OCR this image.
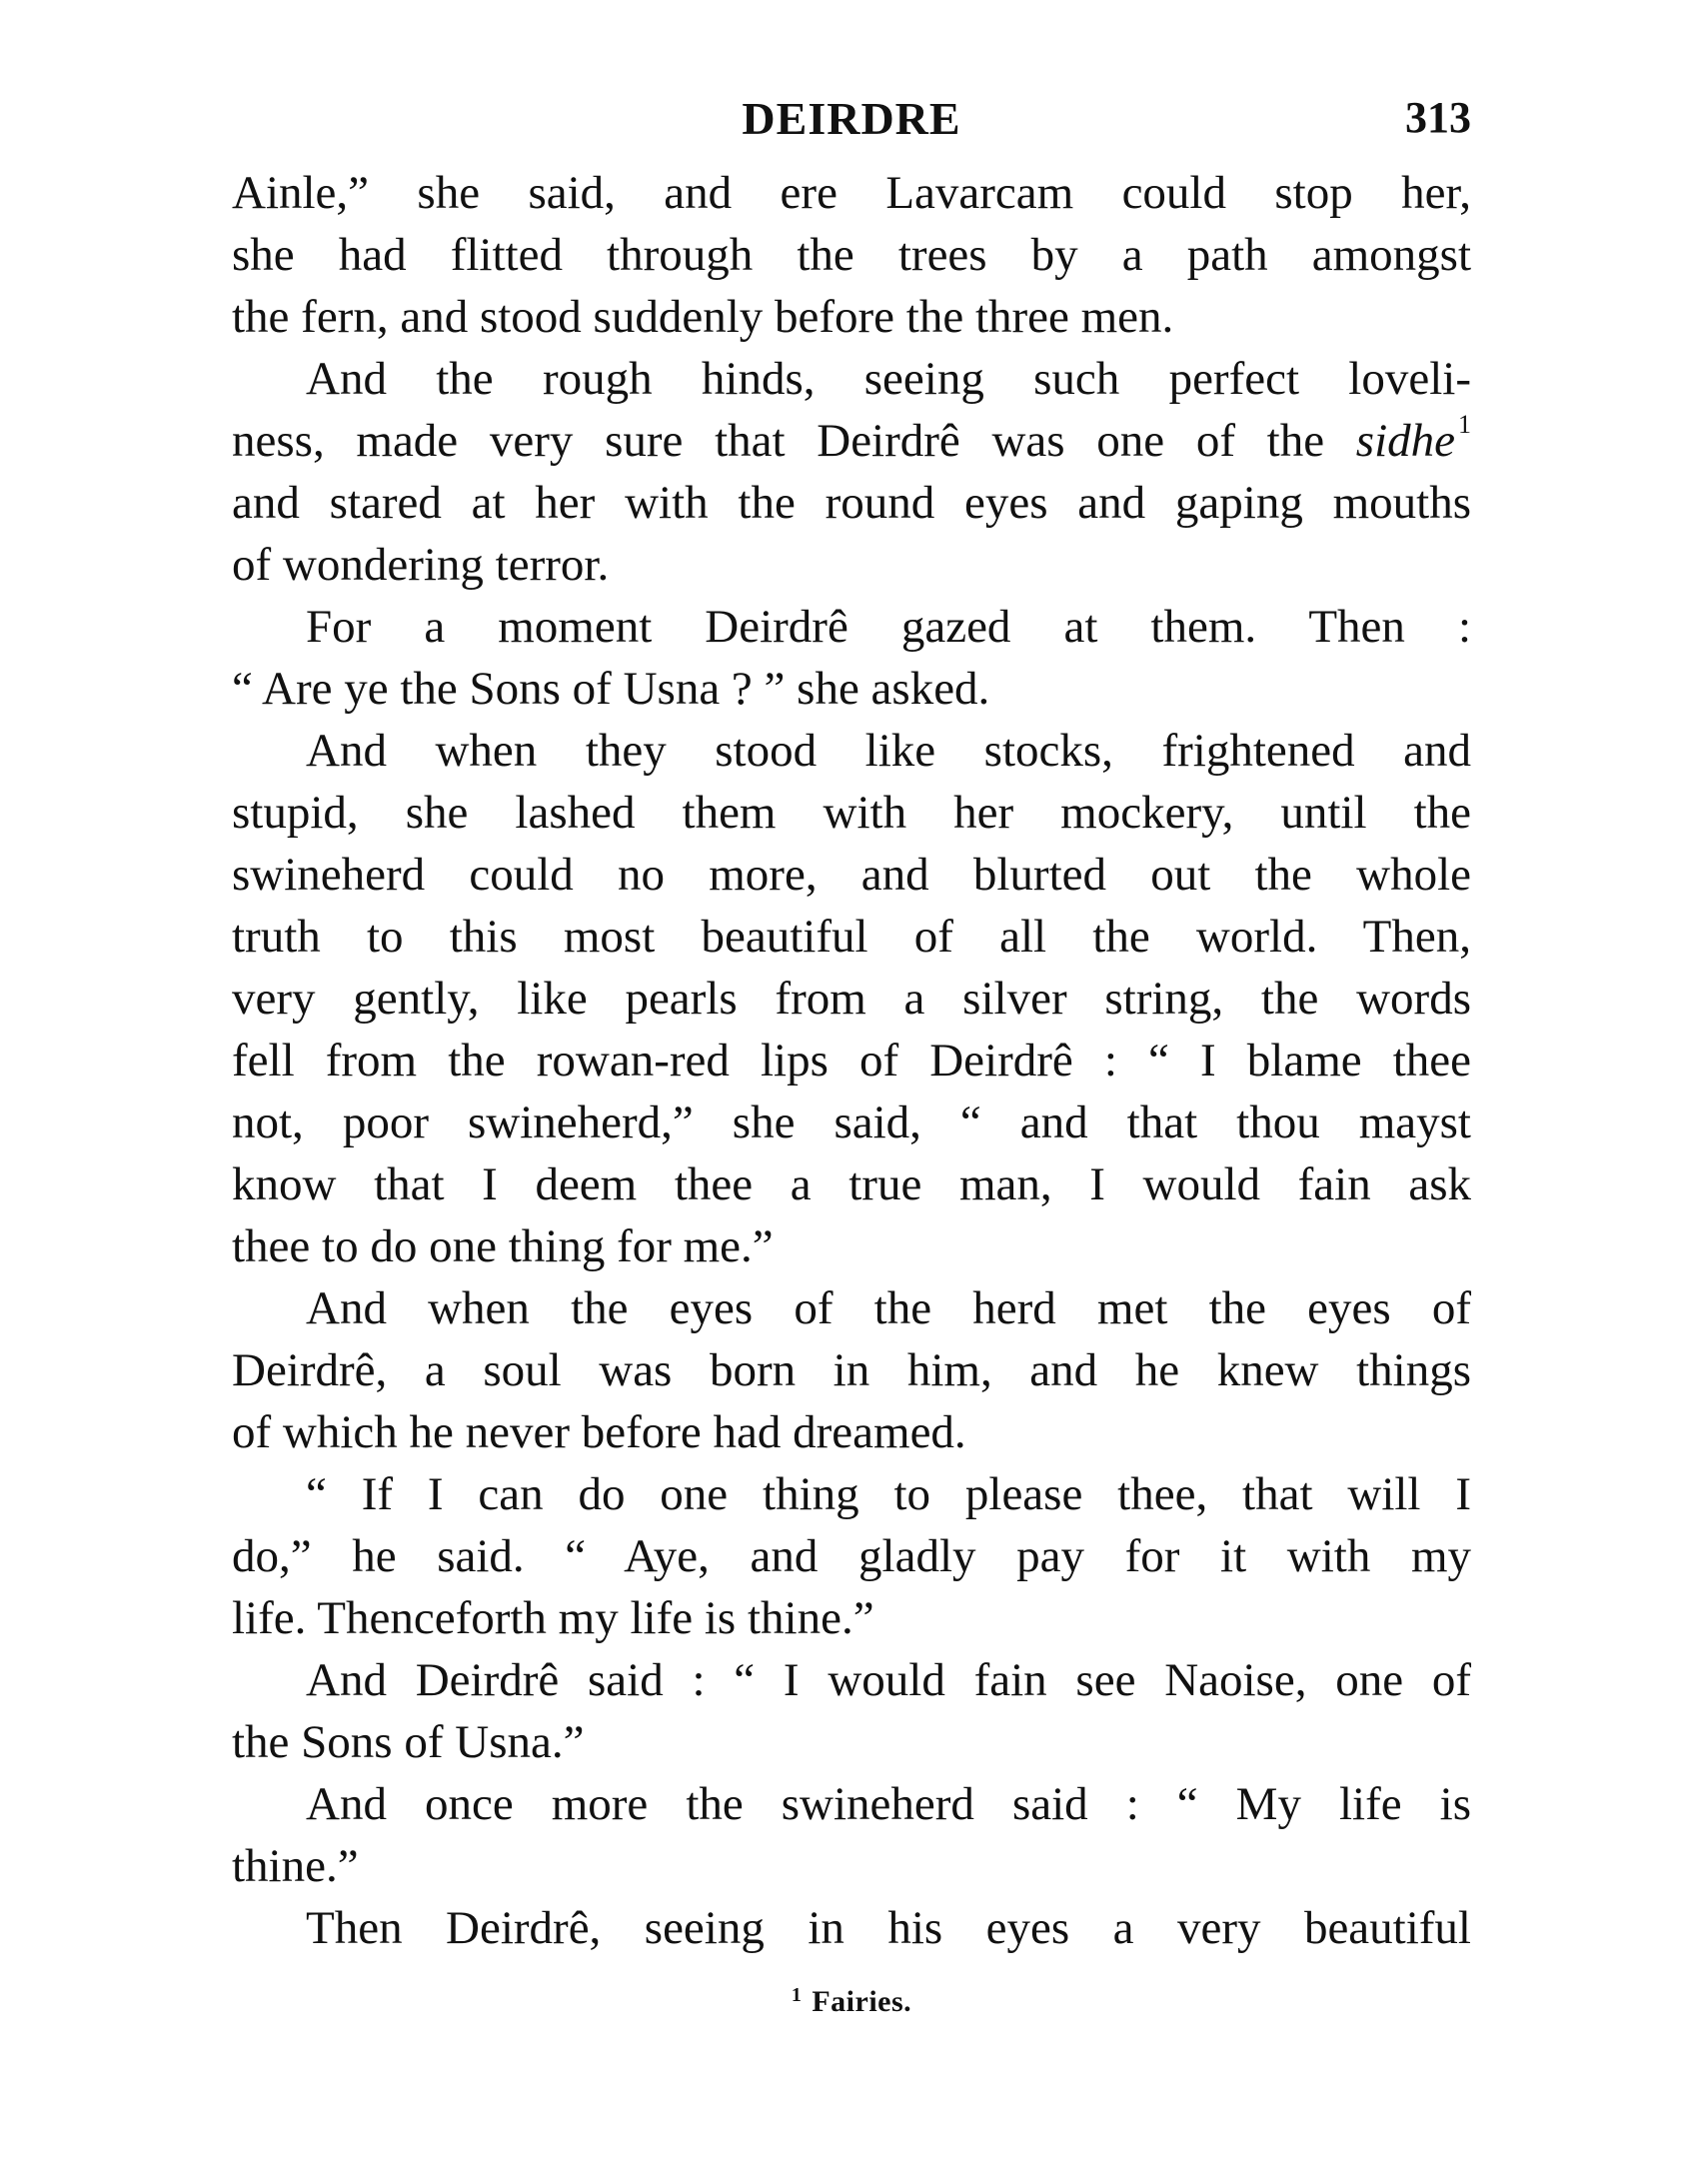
DEIRDRE	313
Ainle,” she said, and ere Lavarcam could stop her,
she had flitted through the trees by a path amongst
the fern, and stood suddenly before the three men.
And the rough hinds, seeing such perfect loveli-
ness, made very sure that Deirdrê was one of the sidhe $^1$
and stared at her with the round eyes and gaping mouths
of wondering terror.
For a moment Deirdrê gazed at them. Then :
“ Are ye the Sons of Usna ? ” she asked.
And when they stood like stocks, frightened and
stupid, she lashed them with her mockery, until the
swineherd could no more, and blurted out the whole
truth to this most beautiful of all the world. Then,
very gently, like pearls from a silver string, the words
fell from the rowan-red lips of Deirdrê : “ I blame thee
not, poor swineherd,” she said, “ and that thou mayst
know that I deem thee a true man, I would fain ask
thee to do one thing for me.”
And when the eyes of the herd met the eyes of
Deirdrê, a soul was born in him, and he knew things
of which he never before had dreamed.
“ If I can do one thing to please thee, that will I
do,” he said. “ Aye, and gladly pay for it with my
life. Thenceforth my life is thine.”
And Deirdrê said : “ I would fain see Naoise, one of
the Sons of Usna.”
And once more the swineherd said : “ My life is
thine.”
Then Deirdrê, seeing in his eyes a very beautiful
$^1$ Fairies.
